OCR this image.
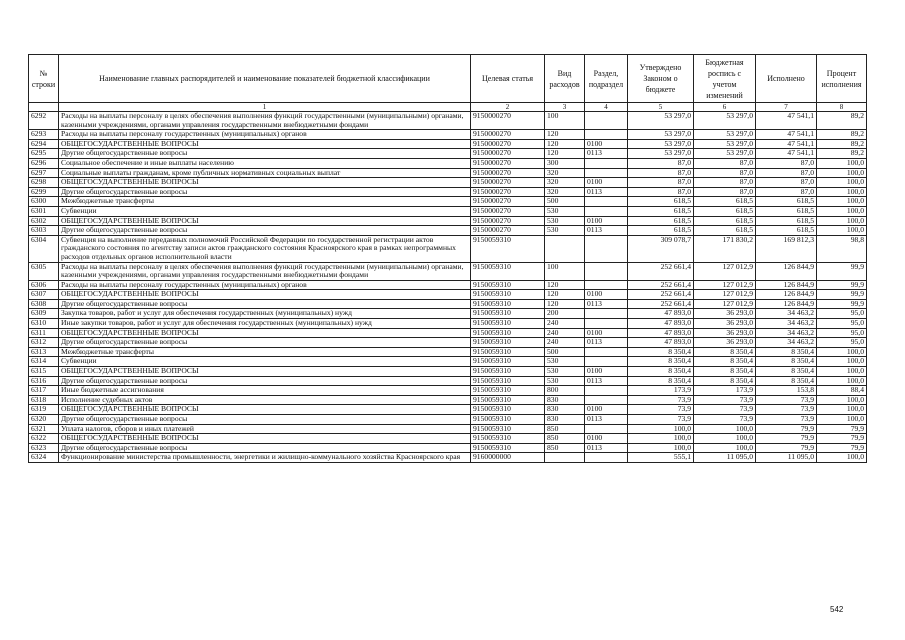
№ строки	Наименование главных распорядителей и наименование показателей бюджетной классификации	Целевая статья	Вид расходов	Раздел, подраздел	Утверждено Законом о бюджете	Бюджетная роспись с учетом изменений	Исполнено	Процент исполнения
	1	2	3	4	5	6	7	8
6292	Расходы на выплаты персоналу в целях обеспечения выполнения функций государственными (муниципальными) органами, казенными учреждениями, органами управления государственными внебюджетными фондами	9150000270	100		53 297,0	53 297,0	47 541,1	89,2
6293	Расходы на выплаты персоналу государственных (муниципальных) органов	9150000270	120		53 297,0	53 297,0	47 541,1	89,2
6294	ОБЩЕГОСУДАРСТВЕННЫЕ ВОПРОСЫ	9150000270	120	0100	53 297,0	53 297,0	47 541,1	89,2
6295	Другие общегосударственные вопросы	9150000270	120	0113	53 297,0	53 297,0	47 541,1	89,2
6296	Социальное обеспечение и иные выплаты населению	9150000270	300		87,0	87,0	87,0	100,0
6297	Социальные выплаты гражданам, кроме публичных нормативных социальных выплат	9150000270	320		87,0	87,0	87,0	100,0
6298	ОБЩЕГОСУДАРСТВЕННЫЕ ВОПРОСЫ	9150000270	320	0100	87,0	87,0	87,0	100,0
6299	Другие общегосударственные вопросы	9150000270	320	0113	87,0	87,0	87,0	100,0
6300	Межбюджетные трансферты	9150000270	500		618,5	618,5	618,5	100,0
6301	Субвенции	9150000270	530		618,5	618,5	618,5	100,0
6302	ОБЩЕГОСУДАРСТВЕННЫЕ ВОПРОСЫ	9150000270	530	0100	618,5	618,5	618,5	100,0
6303	Другие общегосударственные вопросы	9150000270	530	0113	618,5	618,5	618,5	100,0
6304	Субвенция на выполнение переданных полномочий Российской Федерации по государственной регистрации актов гражданского состояния по агентству записи актов гражданского состояния Красноярского края в рамках непрограммных расходов отдельных органов исполнительной власти	9150059310			309 078,7	171 830,2	169 812,3	98,8
6305	Расходы на выплаты персоналу в целях обеспечения выполнения функций государственными (муниципальными) органами, казенными учреждениями, органами управления государственными внебюджетными фондами	9150059310	100		252 661,4	127 012,9	126 844,9	99,9
6306	Расходы на выплаты персоналу государственных (муниципальных) органов	9150059310	120		252 661,4	127 012,9	126 844,9	99,9
6307	ОБЩЕГОСУДАРСТВЕННЫЕ ВОПРОСЫ	9150059310	120	0100	252 661,4	127 012,9	126 844,9	99,9
6308	Другие общегосударственные вопросы	9150059310	120	0113	252 661,4	127 012,9	126 844,9	99,9
6309	Закупка товаров, работ и услуг для обеспечения государственных (муниципальных) нужд	9150059310	200		47 893,0	36 293,0	34 463,2	95,0
6310	Иные закупки товаров, работ и услуг для обеспечения государственных (муниципальных) нужд	9150059310	240		47 893,0	36 293,0	34 463,2	95,0
6311	ОБЩЕГОСУДАРСТВЕННЫЕ ВОПРОСЫ	9150059310	240	0100	47 893,0	36 293,0	34 463,2	95,0
6312	Другие общегосударственные вопросы	9150059310	240	0113	47 893,0	36 293,0	34 463,2	95,0
6313	Межбюджетные трансферты	9150059310	500		8 350,4	8 350,4	8 350,4	100,0
6314	Субвенции	9150059310	530		8 350,4	8 350,4	8 350,4	100,0
6315	ОБЩЕГОСУДАРСТВЕННЫЕ ВОПРОСЫ	9150059310	530	0100	8 350,4	8 350,4	8 350,4	100,0
6316	Другие общегосударственные вопросы	9150059310	530	0113	8 350,4	8 350,4	8 350,4	100,0
6317	Иные бюджетные ассигнования	9150059310	800		173,9	173,9	153,8	88,4
6318	Исполнение судебных актов	9150059310	830		73,9	73,9	73,9	100,0
6319	ОБЩЕГОСУДАРСТВЕННЫЕ ВОПРОСЫ	9150059310	830	0100	73,9	73,9	73,9	100,0
6320	Другие общегосударственные вопросы	9150059310	830	0113	73,9	73,9	73,9	100,0
6321	Уплата налогов, сборов и иных платежей	9150059310	850		100,0	100,0	79,9	79,9
6322	ОБЩЕГОСУДАРСТВЕННЫЕ ВОПРОСЫ	9150059310	850	0100	100,0	100,0	79,9	79,9
6323	Другие общегосударственные вопросы	9150059310	850	0113	100,0	100,0	79,9	79,9
6324	Функционирование министерства промышленности, энергетики и жилищно-коммунального хозяйства Красноярского края	9160000000			555,1	11 095,0	11 095,0	100,0
542
